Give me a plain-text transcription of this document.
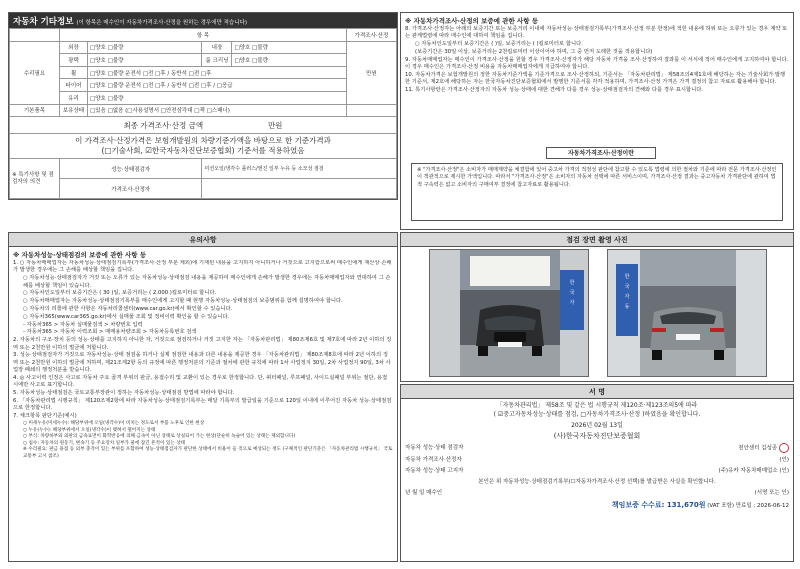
자동차 기타정보 (이 항목은 매수인이 자동차가격조사·산정을 원하는 경우에만 적습니다)
	항 목				가격조사·산정
수리필요	외장	□양호 □불량	내장	□양호 □불량	만원
	광택	□양호 □불량	룸 크리닝	□양호 □불량	
	휠	□양호 □불량 운전석 □전 □후 / 동반석 □전 □후			
	타이어	□양호 □불량 운전석 □전 □후 / 동반석 □전 □후 / □응급			
	유리	□양호 □불량			
기본품목	보유상태	□있음 □없음 (□사용설명서 □안전삼각대 □잭 □스패너)			
최종 가격조사·산정 금액 만원					

이 가격조사·산정가격은 보험개발원의 차량기준가액을 바탕으로 한 기준가격과
(□기술사회, ☑한국자동차진단보증협회) 기준서를 적용하였음					

※ 특기사항 및 점검자의 의견	성능·상태점검자		미션오일/냉각수 플러스/엔진 일부 누유 등 소모성 점검		
	가격조사·산정자				
유의사항
※ 자동차성능·상태점검의 보증에 관한 사항 등

1. ○ 자동차매매업자는 자동차성능·상태점검기록부(가격조사·산정 부분 제외)에 기재된 내용을 고지하지 아니하거나 거짓으로 고지함으로써 매수인에게 재산상 손해가 발생한 경우에는 그 손해를 배상할 책임을 집니다.

○ 자동차성능·상태점검자가 거짓 또는 오류가 있는 자동차성능·상태점검 내용을 제공하여 매수인에게 손해가 발생한 경우에는 자동차매매업자와 연대하여 그 손해를 배상할 책임이 있습니다.

○ 자동차인도일부터 보증기간은 ( 30 )일, 보증거리는 ( 2,000 )킬로미터로 합니다.

○ 자동차매매업자는 자동차성능·상태점검기록부를 매수인에게 고지할 때 현행 자동차성능·상태점검의 보증범위를 함께 설명하여야 합니다.

○ 자동차의 리콜에 관한 사항은 자동차리콜센터(www.car.go.kr)에서 확인할 수 있습니다.

○ 자동차365(www.car365.go.kr)에서 실매물 조회 및 정비이력 확인을 할 수 있습니다.

- 자동차365 > 자동차 실매물검색 > 차량번호 입력

- 자동차365 > 자동차 이력조회 > 매매용차량조회 > 자동차등록번호 검색

2. 자동차의 구조·장치 등의 성능·상태를 고지하지 아니한 자, 거짓으로 점검하거나 거짓 고지한 자는 「자동차관리법」 제80조제6호 및 제7호에 따라 2년 이하의 징역 또는 2천만원 이하의 벌금에 처합니다.

3. 성능·상태점검자가 거짓으로 자동차성능·상태 점검을 하거나 실제 점검한 내용과 다른 내용을 제공한 경우 「자동차관리법」 제80조제8호에 따라 2년 이하의 징역 또는 2천만원 이하의 벌금에 처하며, 제21조제2항 등의 규정에 따른 행정처분의 기준과 절차에 관한 규칙에 따라 1차 사업정지 30일, 2차 사업정지 90일, 3차 사업장 폐쇄의 행정처분을 받습니다.

4. ◎ 사고이력 인정은 사고로 자동차 주요 골격 부위의 판금, 용접수리 및 교환이 있는 경우로 한정합니다. 단, 쿼터패널, 루프패널, 사이드실패널 부위는 절단, 용접 시에만 사고로 표기합니다.

5. 자동차성능·상태점검은 국토교통부장관이 정하는 자동차성능·상태점검 방법에 따라야 합니다.

6. 「자동차관리법 시행규칙」 제120조제2항에 따라 자동차성능·상태점검기록부는 매달 기록부의 발급일을 기준으로 120일 이내에 이루어진 자동차 성능·상태점검으로 한정합니다.

7. 체크항목 판단기준(예시)

○ 미세누유(미세누수): 해당부위에 오일(냉각수)이 비치는 정도로서 부품 노후로 인한 현상

○ 누유(누수): 해당부위에서 오일(냉각수)이 맺혀서 떨어지는 상태

○ 부식: 차량하부와 외판의 금속표면이 화학반응에 의해 금속이 아닌 상태로 상실되어 가는 현상(단순히 녹슬어 있는 상태는 제외합니다)

○ 침수: 자동차의 원동기, 변속기 등 주요장치 일부가 물에 잠긴 흔적이 있는 상태

※ 수리필요: 판금 용접 등 외부 충격이 있는 부위를 포함하여 성능·상태점검자가 판단한 상태에서 비용이 들 것으로 예상되는 정도 (구체적인 판단기준은 「자동차관리법 시행규칙」 국토교통부 고시 참조)

※ 자동차가격조사·산정의 보증에 관한 사항 등

8. 가격조사·산정자는 아래의 보증기간 또는 보증거리 이내에 자동차성능·상태점검기록부(가격조사·산정 부분 한정)에 적힌 내용에 허위 또는 오류가 있는 경우 계약 또는 관계법령에 따라 매수인에 대하여 책임을 집니다.

○ 자동차인도일부터 보증기간은 ( )일, 보증거리는 ( )킬로미터로 합니다.

(보증기간은 30일 이상, 보증거리는 2천킬로미터 이상이어야 하며, 그 중 먼저 도래한 것을 적용합니다)

9. 자동차매매업자는 매수인이 가격조사·산정을 원할 경우 가격조사·산정자가 해당 자동차 가격을 조사·산정하여 결과를 이 서식에 적어 매수인에게 고지하여야 합니다. 이 경우 매수인은 가격조사·산정 비용을 자동차매매업자에게 지급하여야 합니다.

10. 자동차가격은 보험개발원의 정한 자동차기준가액을 기준가격으로 조사·산정하되, 기준서는 「자동차관리법」 제58조의4제1호에 해당하는 자는 기술사회가 발행한 기준서, 제2호에 해당하는 자는 한국자동차진단보증협회에서 발행한 기준서를 각각 적용하며, 가격조사·산정 가격은 가격 결정의 참고 자료로 활용해야 합니다.

11. 특기사항란은 가격조사·산정자의 자동차 성능·상태에 대한 견해가 다를 경우 성능·상태점검자의 견해와 다를 경우 표시합니다.

자동차가격조사·산정이란
※ "가격조사·산정"은 소비자가 매매계약을 체결함에 있어 중고차 가격의 적정성 판단에 참고할 수 있도록 법령에 의한 절차와 기준에 따라 전문 가격조사·산정인이 객관적으로 제시한 가액입니다. 따라서 "가격조사·산정"은 소비자의 자동차 선택에 따른 서비스이며, 가격조사·산정 결과는 중고자동차 가격판단에 관하여 법적 구속력은 없고 소비자의 구매여부 결정에 참고자료로 활용됩니다.
점검 장면 촬영 사진
한
국
자
한
국
자
동
서 명
「자동차관리법」 제58조 및 같은 법 시행규칙 제120조·제123조의5에 따라
( ☑중고자동차성능·상태를 점검, □자동차가격조사·산정 )하였음을 확인합니다.
2026년 02월 13일
(사)한국자동차진단보증협회
자동차 성능·상태 점검자	천안센터 김성종
자동차 가격조사·산정자	(인)
자동차 성능·상태 고지자	(주)유카 자동차매매업소 (인)
본인은 위 자동차성능·상태점검기록부(☐자동차가격조사·산정 선택)를 발급받은 사실을 확인합니다.
년 월 일 매수인	(서명 또는 인)
책임보증 수수료: 131,670원 (VAT 포함) 만료일 : 2026-06-12
